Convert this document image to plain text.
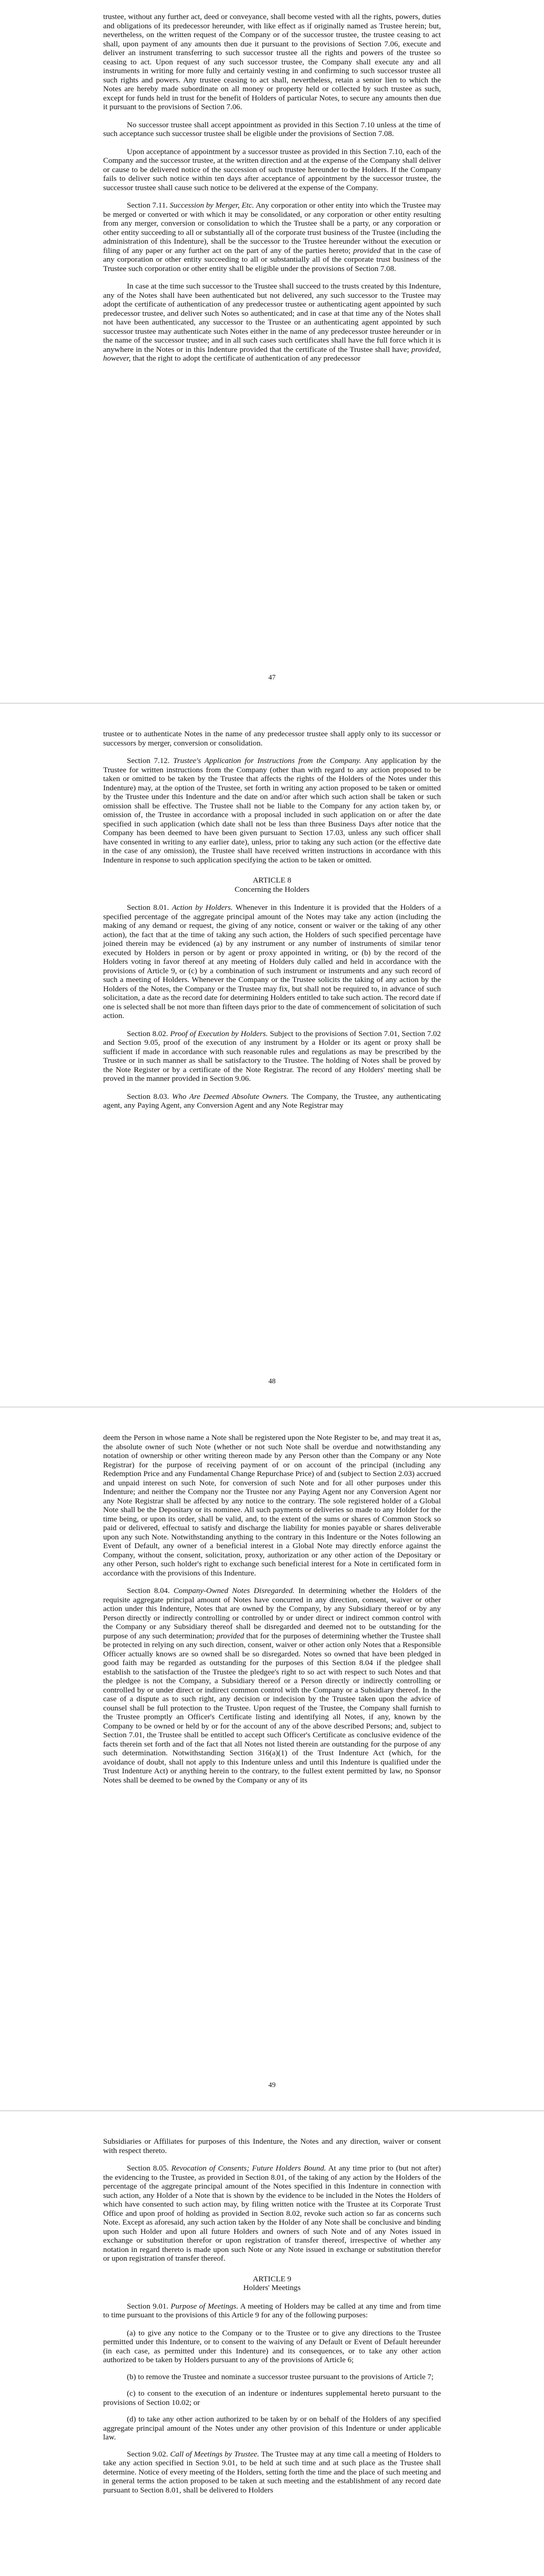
trustee, without any further act, deed or conveyance, shall become vested with all the rights, powers, duties and obligations of its predecessor hereunder, with like effect as if originally named as Trustee herein; but, nevertheless, on the written request of the Company or of the successor trustee, the trustee ceasing to act shall, upon payment of any amounts then due it pursuant to the provisions of Section 7.06, execute and deliver an instrument transferring to such successor trustee all the rights and powers of the trustee so ceasing to act. Upon request of any such successor trustee, the Company shall execute any and all instruments in writing for more fully and certainly vesting in and confirming to such successor trustee all such rights and powers. Any trustee ceasing to act shall, nevertheless, retain a senior lien to which the Notes are hereby made subordinate on all money or property held or collected by such trustee as such, except for funds held in trust for the benefit of Holders of particular Notes, to secure any amounts then due it pursuant to the provisions of Section 7.06.

No successor trustee shall accept appointment as provided in this Section 7.10 unless at the time of such acceptance such successor trustee shall be eligible under the provisions of Section 7.08.

Upon acceptance of appointment by a successor trustee as provided in this Section 7.10, each of the Company and the successor trustee, at the written direction and at the expense of the Company shall deliver or cause to be delivered notice of the succession of such trustee hereunder to the Holders. If the Company fails to deliver such notice within ten days after acceptance of appointment by the successor trustee, the successor trustee shall cause such notice to be delivered at the expense of the Company.

Section 7.11. Succession by Merger, Etc. Any corporation or other entity into which the Trustee may be merged or converted or with which it may be consolidated, or any corporation or other entity resulting from any merger, conversion or consolidation to which the Trustee shall be a party, or any corporation or other entity succeeding to all or substantially all of the corporate trust business of the Trustee (including the administration of this Indenture), shall be the successor to the Trustee hereunder without the execution or filing of any paper or any further act on the part of any of the parties hereto; provided that in the case of any corporation or other entity succeeding to all or substantially all of the corporate trust business of the Trustee such corporation or other entity shall be eligible under the provisions of Section 7.08.

In case at the time such successor to the Trustee shall succeed to the trusts created by this Indenture, any of the Notes shall have been authenticated but not delivered, any such successor to the Trustee may adopt the certificate of authentication of any predecessor trustee or authenticating agent appointed by such predecessor trustee, and deliver such Notes so authenticated; and in case at that time any of the Notes shall not have been authenticated, any successor to the Trustee or an authenticating agent appointed by such successor trustee may authenticate such Notes either in the name of any predecessor trustee hereunder or in the name of the successor trustee; and in all such cases such certificates shall have the full force which it is anywhere in the Notes or in this Indenture provided that the certificate of the Trustee shall have; provided, however, that the right to adopt the certificate of authentication of any predecessor

47

trustee or to authenticate Notes in the name of any predecessor trustee shall apply only to its successor or successors by merger, conversion or consolidation.

Section 7.12. Trustee's Application for Instructions from the Company. Any application by the Trustee for written instructions from the Company (other than with regard to any action proposed to be taken or omitted to be taken by the Trustee that affects the rights of the Holders of the Notes under this Indenture) may, at the option of the Trustee, set forth in writing any action proposed to be taken or omitted by the Trustee under this Indenture and the date on and/or after which such action shall be taken or such omission shall be effective. The Trustee shall not be liable to the Company for any action taken by, or omission of, the Trustee in accordance with a proposal included in such application on or after the date specified in such application (which date shall not be less than three Business Days after notice that the Company has been deemed to have been given pursuant to Section 17.03, unless any such officer shall have consented in writing to any earlier date), unless, prior to taking any such action (or the effective date in the case of any omission), the Trustee shall have received written instructions in accordance with this Indenture in response to such application specifying the action to be taken or omitted.

ARTICLE 8

Concerning the Holders

Section 8.01. Action by Holders. Whenever in this Indenture it is provided that the Holders of a specified percentage of the aggregate principal amount of the Notes may take any action (including the making of any demand or request, the giving of any notice, consent or waiver or the taking of any other action), the fact that at the time of taking any such action, the Holders of such specified percentage have joined therein may be evidenced (a) by any instrument or any number of instruments of similar tenor executed by Holders in person or by agent or proxy appointed in writing, or (b) by the record of the Holders voting in favor thereof at any meeting of Holders duly called and held in accordance with the provisions of Article 9, or (c) by a combination of such instrument or instruments and any such record of such a meeting of Holders. Whenever the Company or the Trustee solicits the taking of any action by the Holders of the Notes, the Company or the Trustee may fix, but shall not be required to, in advance of such solicitation, a date as the record date for determining Holders entitled to take such action. The record date if one is selected shall be not more than fifteen days prior to the date of commencement of solicitation of such action.

Section 8.02. Proof of Execution by Holders. Subject to the provisions of Section 7.01, Section 7.02 and Section 9.05, proof of the execution of any instrument by a Holder or its agent or proxy shall be sufficient if made in accordance with such reasonable rules and regulations as may be prescribed by the Trustee or in such manner as shall be satisfactory to the Trustee. The holding of Notes shall be proved by the Note Register or by a certificate of the Note Registrar. The record of any Holders' meeting shall be proved in the manner provided in Section 9.06.

Section 8.03. Who Are Deemed Absolute Owners. The Company, the Trustee, any authenticating agent, any Paying Agent, any Conversion Agent and any Note Registrar may

48

deem the Person in whose name a Note shall be registered upon the Note Register to be, and may treat it as, the absolute owner of such Note (whether or not such Note shall be overdue and notwithstanding any notation of ownership or other writing thereon made by any Person other than the Company or any Note Registrar) for the purpose of receiving payment of or on account of the principal (including any Redemption Price and any Fundamental Change Repurchase Price) of and (subject to Section 2.03) accrued and unpaid interest on such Note, for conversion of such Note and for all other purposes under this Indenture; and neither the Company nor the Trustee nor any Paying Agent nor any Conversion Agent nor any Note Registrar shall be affected by any notice to the contrary. The sole registered holder of a Global Note shall be the Depositary or its nominee. All such payments or deliveries so made to any Holder for the time being, or upon its order, shall be valid, and, to the extent of the sums or shares of Common Stock so paid or delivered, effectual to satisfy and discharge the liability for monies payable or shares deliverable upon any such Note. Notwithstanding anything to the contrary in this Indenture or the Notes following an Event of Default, any owner of a beneficial interest in a Global Note may directly enforce against the Company, without the consent, solicitation, proxy, authorization or any other action of the Depositary or any other Person, such holder's right to exchange such beneficial interest for a Note in certificated form in accordance with the provisions of this Indenture.

Section 8.04. Company-Owned Notes Disregarded. In determining whether the Holders of the requisite aggregate principal amount of Notes have concurred in any direction, consent, waiver or other action under this Indenture, Notes that are owned by the Company, by any Subsidiary thereof or by any Person directly or indirectly controlling or controlled by or under direct or indirect common control with the Company or any Subsidiary thereof shall be disregarded and deemed not to be outstanding for the purpose of any such determination; provided that for the purposes of determining whether the Trustee shall be protected in relying on any such direction, consent, waiver or other action only Notes that a Responsible Officer actually knows are so owned shall be so disregarded. Notes so owned that have been pledged in good faith may be regarded as outstanding for the purposes of this Section 8.04 if the pledgee shall establish to the satisfaction of the Trustee the pledgee's right to so act with respect to such Notes and that the pledgee is not the Company, a Subsidiary thereof or a Person directly or indirectly controlling or controlled by or under direct or indirect common control with the Company or a Subsidiary thereof. In the case of a dispute as to such right, any decision or indecision by the Trustee taken upon the advice of counsel shall be full protection to the Trustee. Upon request of the Trustee, the Company shall furnish to the Trustee promptly an Officer's Certificate listing and identifying all Notes, if any, known by the Company to be owned or held by or for the account of any of the above described Persons; and, subject to Section 7.01, the Trustee shall be entitled to accept such Officer's Certificate as conclusive evidence of the facts therein set forth and of the fact that all Notes not listed therein are outstanding for the purpose of any such determination. Notwithstanding Section 316(a)(1) of the Trust Indenture Act (which, for the avoidance of doubt, shall not apply to this Indenture unless and until this Indenture is qualified under the Trust Indenture Act) or anything herein to the contrary, to the fullest extent permitted by law, no Sponsor Notes shall be deemed to be owned by the Company or any of its

49

Subsidiaries or Affiliates for purposes of this Indenture, the Notes and any direction, waiver or consent with respect thereto.

Section 8.05. Revocation of Consents; Future Holders Bound. At any time prior to (but not after) the evidencing to the Trustee, as provided in Section 8.01, of the taking of any action by the Holders of the percentage of the aggregate principal amount of the Notes specified in this Indenture in connection with such action, any Holder of a Note that is shown by the evidence to be included in the Notes the Holders of which have consented to such action may, by filing written notice with the Trustee at its Corporate Trust Office and upon proof of holding as provided in Section 8.02, revoke such action so far as concerns such Note. Except as aforesaid, any such action taken by the Holder of any Note shall be conclusive and binding upon such Holder and upon all future Holders and owners of such Note and of any Notes issued in exchange or substitution therefor or upon registration of transfer thereof, irrespective of whether any notation in regard thereto is made upon such Note or any Note issued in exchange or substitution therefor or upon registration of transfer thereof.

ARTICLE 9

Holders' Meetings

Section 9.01. Purpose of Meetings. A meeting of Holders may be called at any time and from time to time pursuant to the provisions of this Article 9 for any of the following purposes:

(a) to give any notice to the Company or to the Trustee or to give any directions to the Trustee permitted under this Indenture, or to consent to the waiving of any Default or Event of Default hereunder (in each case, as permitted under this Indenture) and its consequences, or to take any other action authorized to be taken by Holders pursuant to any of the provisions of Article 6;

(b) to remove the Trustee and nominate a successor trustee pursuant to the provisions of Article 7;

(c) to consent to the execution of an indenture or indentures supplemental hereto pursuant to the provisions of Section 10.02; or

(d) to take any other action authorized to be taken by or on behalf of the Holders of any specified aggregate principal amount of the Notes under any other provision of this Indenture or under applicable law.

Section 9.02. Call of Meetings by Trustee. The Trustee may at any time call a meeting of Holders to take any action specified in Section 9.01, to be held at such time and at such place as the Trustee shall determine. Notice of every meeting of the Holders, setting forth the time and the place of such meeting and in general terms the action proposed to be taken at such meeting and the establishment of any record date pursuant to Section 8.01, shall be delivered to Holders
